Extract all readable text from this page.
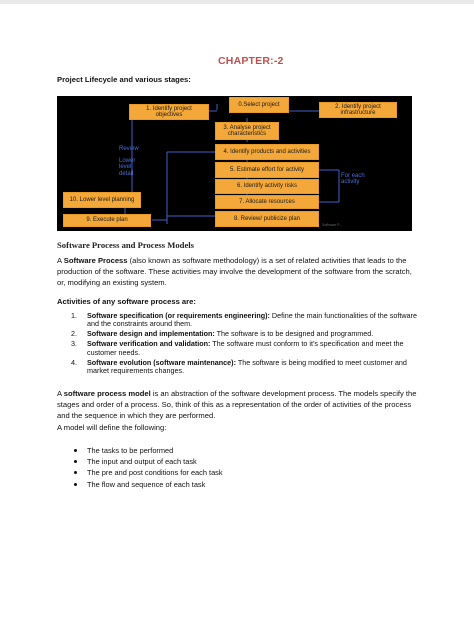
CHAPTER:-2
Project Lifecycle and various stages:
0.Select project
1. Identify project objectives
2. Identify project infrastructure
3. Analyse project characteristics
4. Identify products and activities
5. Estimate effort for activity
6. Identify activity risks
7. Allocate resources
8. Review/ publicize plan
10. Lower level planning
9. Execute plan
Review
Lower level detail	For each activity
Software P...
Software Process and Process Models
A Software Process (also known as software methodology) is a set of related activities that leads to the production of the software. These activities may involve the development of the software from the scratch, or, modifying an existing system.
Activities of any software process are:
1. Software specification (or requirements engineering): Define the main functionalities of the software and the constraints around them.
2. Software design and implementation: The software is to be designed and programmed.
3. Software verification and validation: The software must conform to it’s specification and meet the customer needs.
4. Software evolution (software maintenance): The software is being modified to meet customer and market requirements changes.
A software process model is an abstraction of the software development process. The models specify the stages and order of a process. So, think of this as a representation of the order of activities of the process and the sequence in which they are performed.
A model will define the following:
The tasks to be performed
The input and output of each task
The pre and post conditions for each task
The flow and sequence of each task
